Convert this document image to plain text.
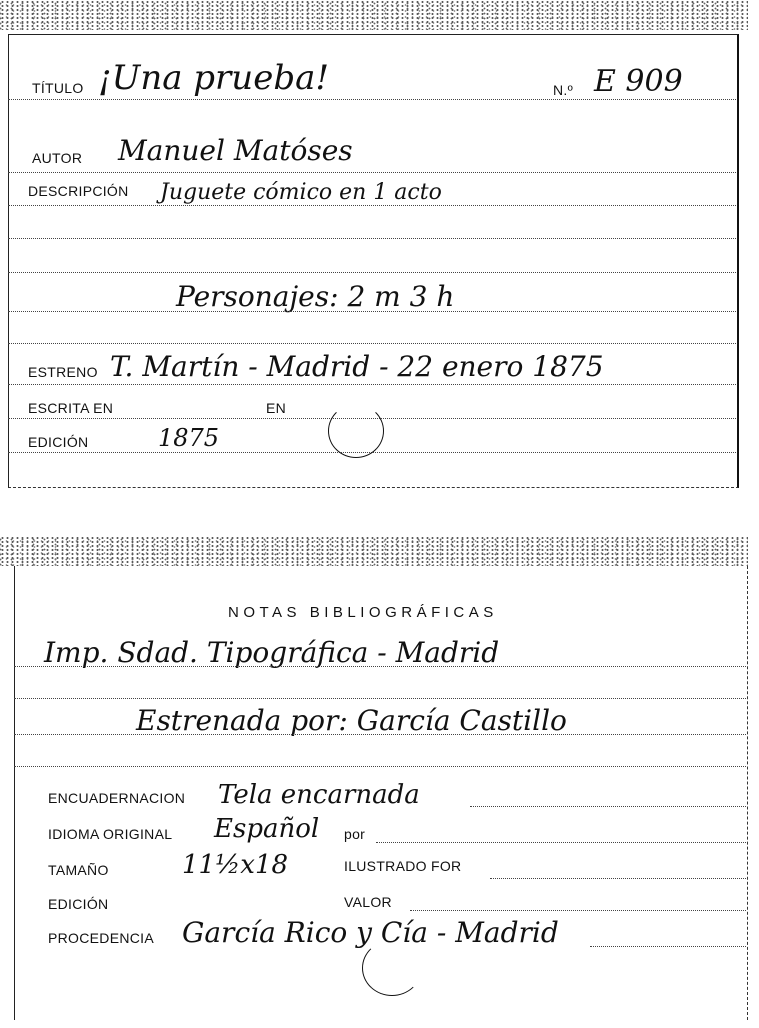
TÍTULO ¡Una prueba!	N.º E 909
AUTOR Manuel Matóses
DESCRIPCIÓN Juguete cómico en 1 acto
Personajes: 2 m 3 h
ESTRENO T. Martín - Madrid - 22 enero 1875
ESCRITA EN	EN
EDICIÓN	1875
NOTAS BIBLIOGRÁFICAS
Imp. Sdad. Tipográfica - Madrid
Estrenada por: García Castillo
ENCUADERNACION Tela encarnada
IDIOMA ORIGINAL Español por
TAMAÑO	11½x18	ILUSTRADO FOR
EDICIÓN	VALOR
PROCEDENCIA García Rico y Cía - Madrid
